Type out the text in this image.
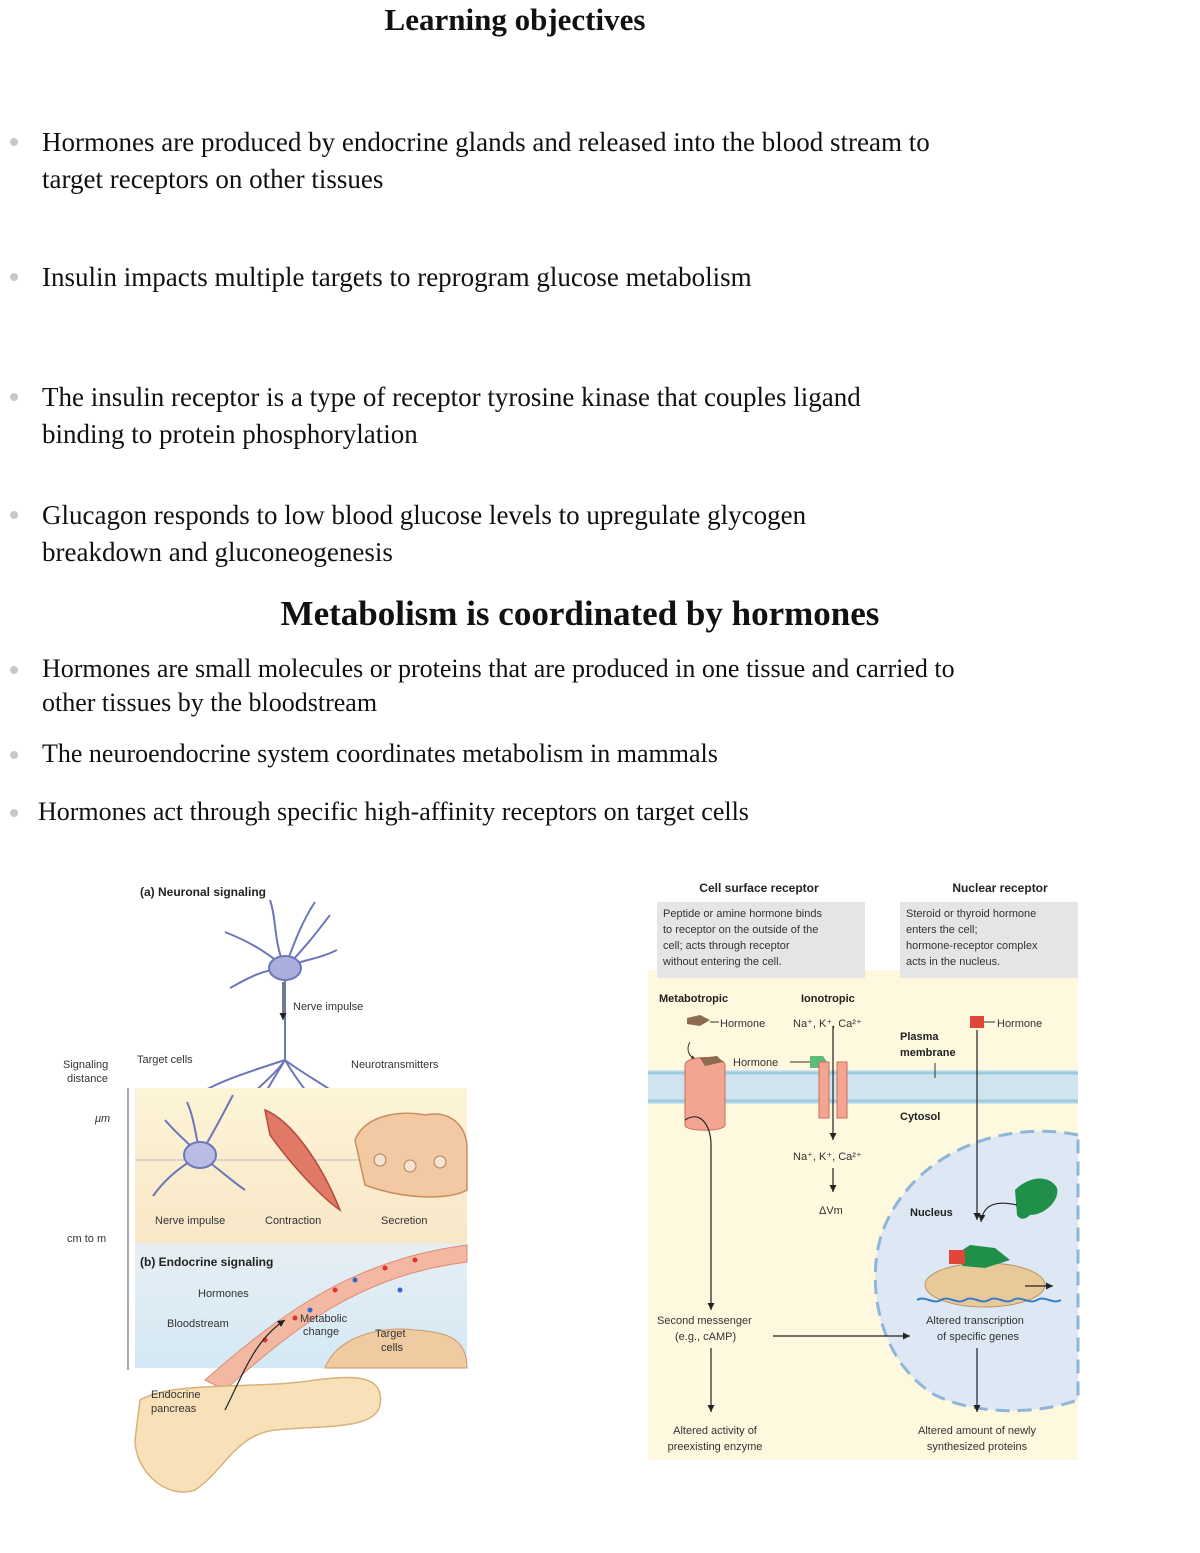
Learning objectives
Hormones are produced by endocrine glands and released into the blood stream to
target receptors on other tissues
Insulin impacts multiple targets to reprogram glucose metabolism
The insulin receptor is a type of receptor tyrosine kinase that couples ligand
binding to protein phosphorylation
Glucagon responds to low blood glucose levels to upregulate glycogen
breakdown and gluconeogenesis
Metabolism is coordinated by hormones
Hormones are small molecules or proteins that are produced in one tissue and carried to
other tissues by the bloodstream
The neuroendocrine system coordinates metabolism in mammals
Hormones act through specific high-affinity receptors on target cells
(a) Neuronal signaling
Nerve impulse
Signaling
distance
Target cells	Neurotransmitters
μm
cm to m
Nerve impulse	Contraction	Secretion
(b) Endocrine signaling
Hormones
Bloodstream	Metabolic
change	Target
cells
Endocrine
pancreas
Cell surface receptor
Peptide or amine hormone binds
to receptor on the outside of the
cell; acts through receptor
without entering the cell.
Nuclear receptor
Steroid or thyroid hormone
enters the cell;
hormone-receptor complex
acts in the nucleus.
Metabotropic	Ionotropic
Hormone	Na⁺, K⁺, Ca²⁺
Hormone
Na⁺, K⁺, Ca²⁺
ΔVm
Hormone
Plasma
membrane
Cytosol
Nucleus
Altered transcription
of specific genes
Second messenger
(e.g., cAMP)
Altered activity of
preexisting enzyme
Altered amount of newly
synthesized proteins
